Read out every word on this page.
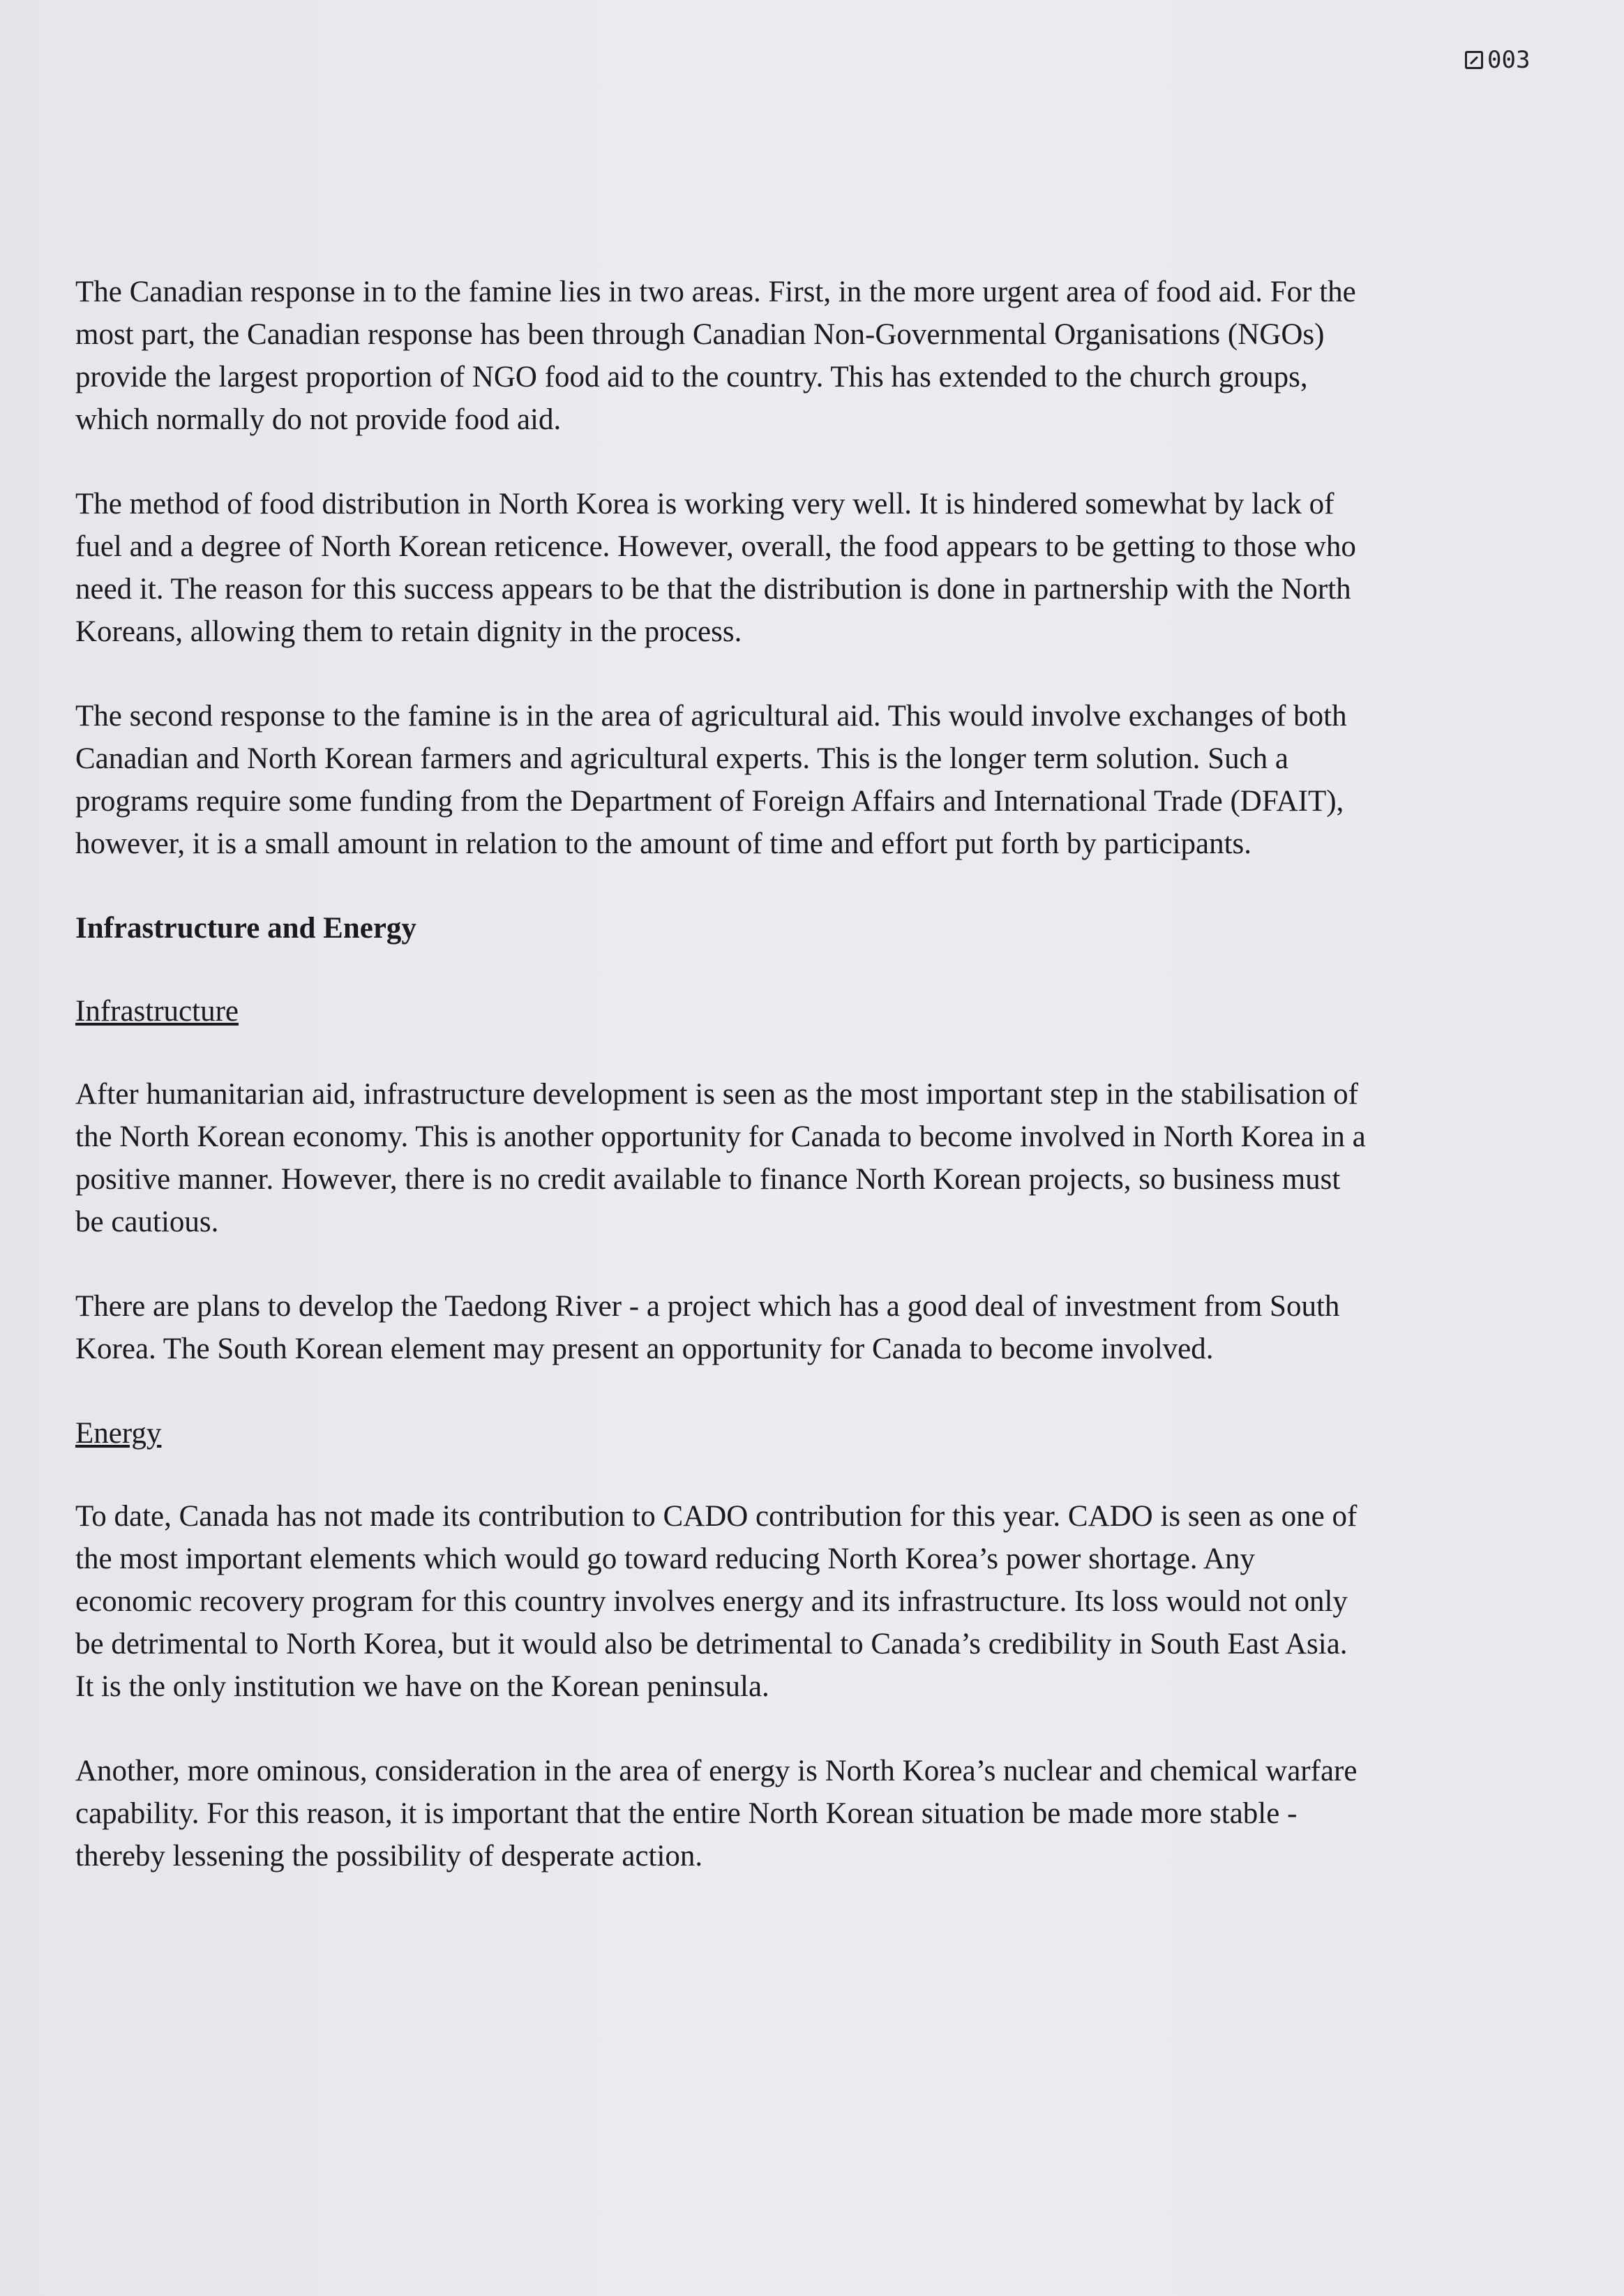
003

The Canadian response in to the famine lies in two areas. First, in the more urgent area of food aid. For the most part, the Canadian response has been through Canadian Non-Governmental Organisations (NGOs) provide the largest proportion of NGO food aid to the country. This has extended to the church groups, which normally do not provide food aid.

The method of food distribution in North Korea is working very well. It is hindered somewhat by lack of fuel and a degree of North Korean reticence. However, overall, the food appears to be getting to those who need it. The reason for this success appears to be that the distribution is done in partnership with the North Koreans, allowing them to retain dignity in the process.

The second response to the famine is in the area of agricultural aid. This would involve exchanges of both Canadian and North Korean farmers and agricultural experts. This is the longer term solution. Such a programs require some funding from the Department of Foreign Affairs and International Trade (DFAIT), however, it is a small amount in relation to the amount of time and effort put forth by participants.

Infrastructure and Energy
Infrastructure

After humanitarian aid, infrastructure development is seen as the most important step in the stabilisation of the North Korean economy. This is another opportunity for Canada to become involved in North Korea in a positive manner. However, there is no credit available to finance North Korean projects, so business must be cautious.

There are plans to develop the Taedong River - a project which has a good deal of investment from South Korea. The South Korean element may present an opportunity for Canada to become involved.

Energy

To date, Canada has not made its contribution to CADO contribution for this year. CADO is seen as one of the most important elements which would go toward reducing North Korea’s power shortage. Any economic recovery program for this country involves energy and its infrastructure. Its loss would not only be detrimental to North Korea, but it would also be detrimental to Canada’s credibility in South East Asia. It is the only institution we have on the Korean peninsula.

Another, more ominous, consideration in the area of energy is North Korea’s nuclear and chemical warfare capability. For this reason, it is important that the entire North Korean situation be made more stable - thereby lessening the possibility of desperate action.
